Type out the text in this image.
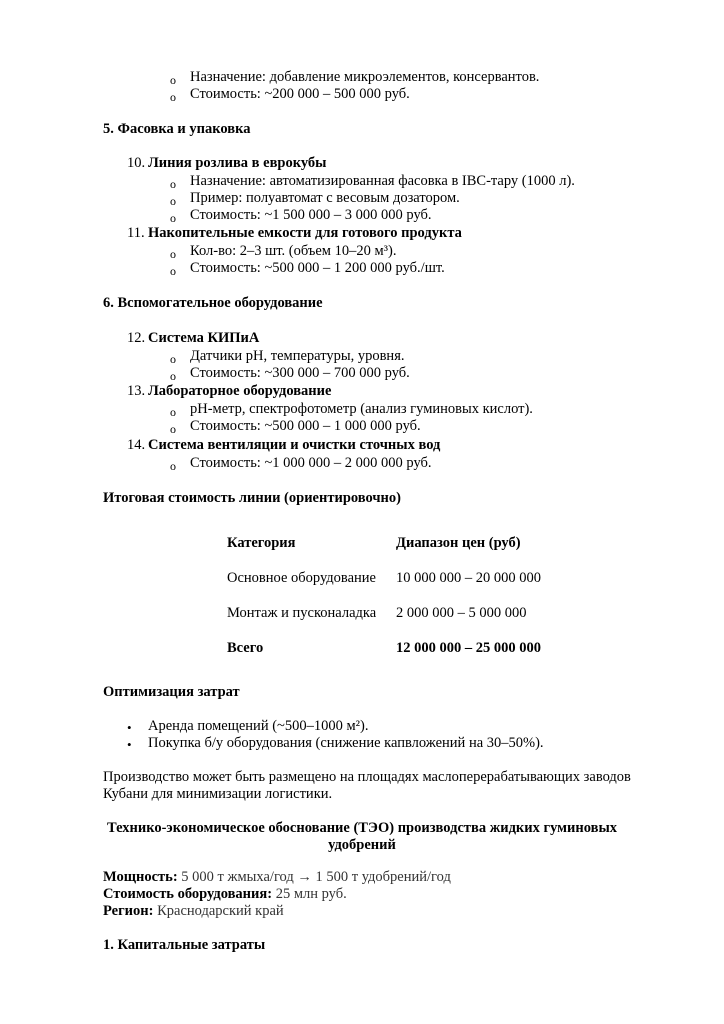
o Назначение: добавление микроэлементов, консервантов.
o Стоимость: ~200 000 – 500 000 руб.
5. Фасовка и упаковка
10. Линия розлива в еврокубы
o Назначение: автоматизированная фасовка в IBC-тару (1000 л).
o Пример: полуавтомат с весовым дозатором.
o Стоимость: ~1 500 000 – 3 000 000 руб.
11. Накопительные емкости для готового продукта
o Кол-во: 2–3 шт. (объем 10–20 м³).
o Стоимость: ~500 000 – 1 200 000 руб./шт.
6. Вспомогательное оборудование
12. Система КИПиА
o Датчики pH, температуры, уровня.
o Стоимость: ~300 000 – 700 000 руб.
13. Лабораторное оборудование
o pH-метр, спектрофотометр (анализ гуминовых кислот).
o Стоимость: ~500 000 – 1 000 000 руб.
14. Система вентиляции и очистки сточных вод
o Стоимость: ~1 000 000 – 2 000 000 руб.
Итоговая стоимость линии (ориентировочно)
Категория	Диапазон цен (руб)
Основное оборудование 10 000 000 – 20 000 000
Монтаж и пусконаладка 2 000 000 – 5 000 000
Всего	12 000 000 – 25 000 000
Оптимизация затрат
• Аренда помещений (~500–1000 м²).
• Покупка б/у оборудования (снижение капвложений на 30–50%).
Производство может быть размещено на площадях маслоперерабатывающих заводов
Кубани для минимизации логистики.
Технико-экономическое обоснование (ТЭО) производства жидких гуминовых
удобрений
Мощность: 5 000 т жмыха/год → 1 500 т удобрений/год
Стоимость оборудования: 25 млн руб.
Регион: Краснодарский край
1. Капитальные затраты
